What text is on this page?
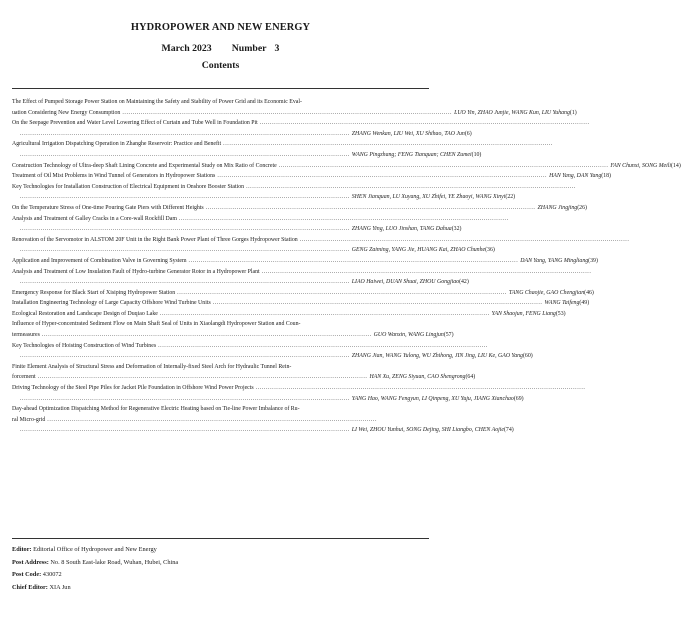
HYDROPOWER AND NEW ENERGY
March 2023 Number 3
Contents
The Effect of Pumped Storage Power Station on Maintaining the Safety and Stability of Power Grid and its Economic Eval-
uation Considering New Energy Consumption ................................................................................................................................................................ LUO Yin, ZHAO Junjie, WANG Kun, LIU Yuhang (1)
On the Seepage Prevention and Water Level Lowering Effect of Curtain and Tube Well in Foundation Pit ................................................................................................................................................................
................................................................................................................................................................ ZHANG Wenkan, LIU Wei, XU Shihao, TAO Jun (6)
Agricultural Irrigation Dispatching Operation in Zhanghe Reservoir: Practice and Benefit ................................................................................................................................................................
................................................................................................................................................................ WANG Pingzhang; FENG Tianquan; CHEN Zumei (10)
Construction Technology of Ultra-deep Shaft Lining Concrete and Experimental Study on Mix Ratio of Concrete ................................................................................................................................................................ FAN Chunxi, SONG Meili (14)
Treatment of Oil Mist Problems in Wind Tunnel of Generators in Hydropower Stations ................................................................................................................................................................ HAN Yang, DAN Yang (18)
Key Technologies for Installation Construction of Electrical Equipment in Onshore Booster Station ................................................................................................................................................................
................................................................................................................................................................ SHEN Jianquan, LU Xuyang, XU Zhifei, YE Zhaoyi, WANG Xinyi (22)
On the Temperature Stress of One-time Pouring Gate Piers with Different Heights ................................................................................................................................................................ ZHANG Jingjing (26)
Analysis and Treatment of Galley Cracks in a Core-wall Rockfill Dam ................................................................................................................................................................
................................................................................................................................................................ ZHANG Ying, LUO Jinshan, TANG Dahua (32)
Renovation of the Servomotor in ALSTOM 20F Unit in the Right Bank Power Plant of Three Gorges Hydropower Station ................................................................................................................................................................
................................................................................................................................................................ GENG Zaiming, YANG Jie, HUANG Kai, ZHAO Chunhe (36)
Application and Improvement of Combination Valve in Governing System ................................................................................................................................................................ DAN Yang, YANG Mingliang (39)
Analysis and Treatment of Low Insulation Fault of Hydro-turbine Generator Rotor in a Hydropower Plant ................................................................................................................................................................
................................................................................................................................................................ LIAO Haiwei, DUAN Shuai, ZHOU Gongjiao (42)
Emergency Response for Black Start of Xisiping Hydropower Station ................................................................................................................................................................ TANG Chaojie, GAO Chengjian (46)
Installation Engineering Technology of Large Capacity Offshore Wind Turbine Units ................................................................................................................................................................ WANG Taifeng (49)
Ecological Restoration and Landscape Design of Duqiao Lake ................................................................................................................................................................ YAN Shaojun, FENG Liang (53)
Influence of Hyper-concentrated Sediment Flow on Main Shaft Seal of Units in Xiaolangdi Hydropower Station and Coun-
termeasures ................................................................................................................................................................ GUO Wanxin, WANG Lingjun (57)
Key Technologies of Hoisting Construction of Wind Turbines ................................................................................................................................................................
................................................................................................................................................................ ZHANG Jian, WANG Yulong, WU Zhihong, JIN Jing, LIU Ke, GAO Yang (60)
Finite Element Analysis of Structural Stress and Deformation of Internally-fixed Steel Arch for Hydraulic Tunnel Rein-
forcement ................................................................................................................................................................ HAN Xu, ZENG Siyuan, CAO Shengrong (64)
Driving Technology of the Steel Pipe Piles for Jacket Pile Foundation in Offshore Wind Power Projects ................................................................................................................................................................
................................................................................................................................................................ YANG Hao, WANG Fengyun, LI Qinpeng, XU Yuju, JIANG Xianchao (69)
Day-ahead Optimization Dispatching Method for Regenerative Electric Heating based on Tie-line Power Imbalance of Ru-
ral Micro-grid ................................................................................................................................................................
................................................................................................................................................................ LI Wei, ZHOU Yunhui, SONG Dejing, SHI Liangbo, CHEN Aojie (74)
Editor: Editorial Office of Hydropower and New Energy
Post Address: No. 8 South East-lake Road, Wuhan, Hubei, China
Post Code: 430072
Chief Editor: XIA Jun
